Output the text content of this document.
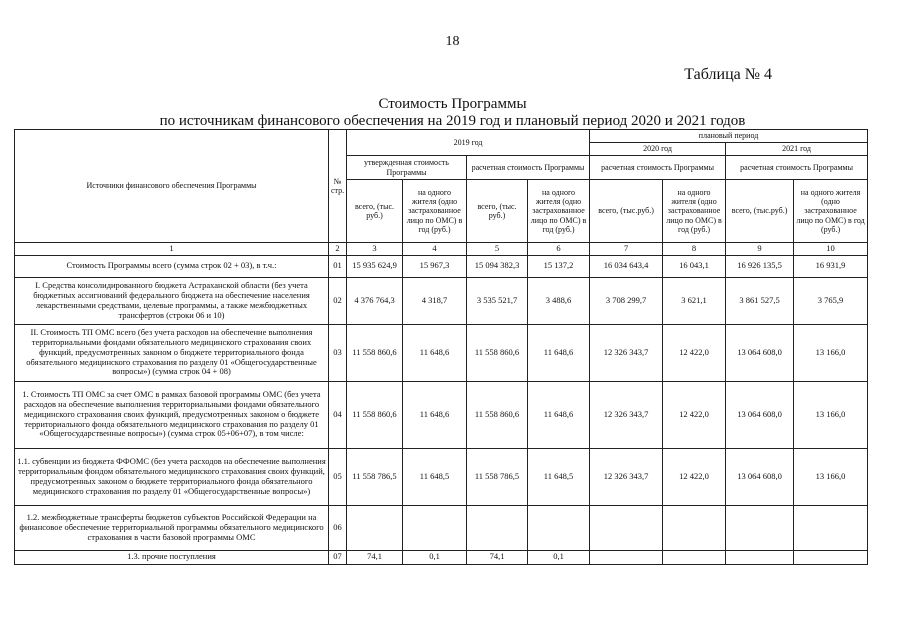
18
Таблица № 4
Стоимость Программы
по источникам финансового обеспечения на 2019 год и плановый период 2020 и 2021 годов
Источники финансового обеспечения Программы	№ стр.	2019 год				плановый период			
						2020 год		2021 год	
		утвержденная стоимость Программы		расчетная стоимость Программы		расчетная стоимость Программы		расчетная стоимость Программы	
		всего, (тыс. руб.)	на одного жителя (одно застрахованное лицо по ОМС) в год (руб.)	всего, (тыс. руб.)	на одного жителя (одно застрахованное лицо по ОМС) в год (руб.)	всего, (тыс.руб.)	на одного жителя (одно застрахованное лицо по ОМС) в год (руб.)	всего, (тыс.руб.)	на одного жителя (одно застрахованное лицо по ОМС) в год (руб.)
1	2	3	4	5	6	7	8	9	10
Стоимость Программы всего (сумма строк 02 + 03), в т.ч.:	01	15 935 624,9	15 967,3	15 094 382,3	15 137,2	16 034 643,4	16 043,1	16 926 135,5	16 931,9
I. Средства консолидированного бюджета Астраханской области (без учета бюджетных ассигнований федерального бюджета на обеспечение населения лекарственными средствами, целевые программы, а также межбюджетных трансфертов (строки 06 и 10)	02	4 376 764,3	4 318,7	3 535 521,7	3 488,6	3 708 299,7	3 621,1	3 861 527,5	3 765,9
II. Стоимость ТП ОМС всего (без учета расходов на обеспечение выполнения территориальными фондами обязательного медицинского страхования своих функций, предусмотренных законом о бюджете территориального фонда обязательного медицинского страхования по разделу 01 «Общегосударственные вопросы») (сумма строк 04 + 08)	03	11 558 860,6	11 648,6	11 558 860,6	11 648,6	12 326 343,7	12 422,0	13 064 608,0	13 166,0
1. Стоимость ТП ОМС за счет ОМС в рамках базовой программы ОМС (без учета расходов на обеспечение выполнения территориальными фондами обязательного медицинского страхования своих функций, предусмотренных законом о бюджете территориального фонда обязательного медицинского страхования по разделу 01 «Общегосударственные вопросы») (сумма строк 05+06+07), в том числе:	04	11 558 860,6	11 648,6	11 558 860,6	11 648,6	12 326 343,7	12 422,0	13 064 608,0	13 166,0
1.1. субвенции из бюджета ФФОМС (без учета расходов на обеспечение выполнения территориальным фондом обязательного медицинского страхования своих функций, предусмотренных законом о бюджете территориального фонда обязательного медицинского страхования по разделу 01 «Общегосударственные вопросы»)	05	11 558 786,5	11 648,5	11 558 786,5	11 648,5	12 326 343,7	12 422,0	13 064 608,0	13 166,0
1.2. межбюджетные трансферты бюджетов субъектов Российской Федерации на финансовое обеспечение территориальной программы обязательного медицинского страхования в части базовой программы ОМС	06								
1.3. прочие поступления	07	74,1	0,1	74,1	0,1				
